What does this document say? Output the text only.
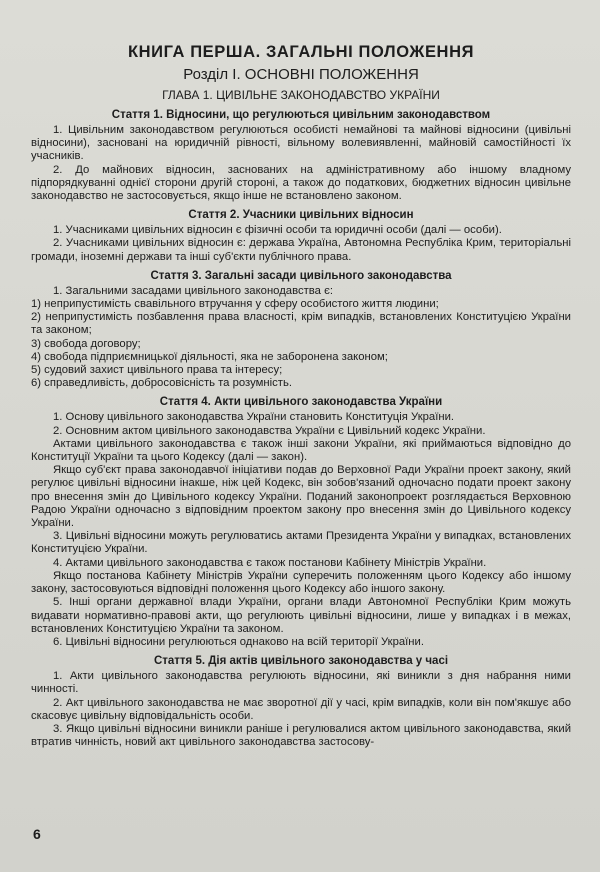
КНИГА ПЕРША. ЗАГАЛЬНІ ПОЛОЖЕННЯ
Розділ І. ОСНОВНІ ПОЛОЖЕННЯ
ГЛАВА 1. ЦИВІЛЬНЕ ЗАКОНОДАВСТВО УКРАЇНИ
Стаття 1. Відносини, що регулюються цивільним законодавством

1. Цивільним законодавством регулюються особисті немайнові та майнові відносини (цивільні відносини), засновані на юридичній рівності, вільному волевиявленні, майновій самостійності їх учасників.

2. До майнових відносин, заснованих на адміністративному або іншому владному підпорядкуванні однієї сторони другій стороні, а також до податкових, бюджетних відносин цивільне законодавство не застосовується, якщо інше не встановлено законом.

Стаття 2. Учасники цивільних відносин

1. Учасниками цивільних відносин є фізичні особи та юридичні особи (далі — особи).

2. Учасниками цивільних відносин є: держава Україна, Автономна Республіка Крим, територіальні громади, іноземні держави та інші суб'єкти публічного права.

Стаття 3. Загальні засади цивільного законодавства

1. Загальними засадами цивільного законодавства є:

1) неприпустимість свавільного втручання у сферу особистого життя людини;

2) неприпустимість позбавлення права власності, крім випадків, встановлених Конституцією України та законом;

3) свобода договору;

4) свобода підприємницької діяльності, яка не заборонена законом;

5) судовий захист цивільного права та інтересу;

6) справедливість, добросовісність та розумність.

Стаття 4. Акти цивільного законодавства України

1. Основу цивільного законодавства України становить Конституція України.

2. Основним актом цивільного законодавства України є Цивільний кодекс України.

Актами цивільного законодавства є також інші закони України, які приймаються відповідно до Конституції України та цього Кодексу (далі — закон).

Якщо суб'єкт права законодавчої ініціативи подав до Верховної Ради України проект закону, який регулює цивільні відносини інакше, ніж цей Кодекс, він зобов'язаний одночасно подати проект закону про внесення змін до Цивільного кодексу України. Поданий законопроект розглядається Верховною Радою України одночасно з відповідним проектом закону про внесення змін до Цивільного кодексу України.

3. Цивільні відносини можуть регулюватись актами Президента України у випадках, встановлених Конституцією України.

4. Актами цивільного законодавства є також постанови Кабінету Міністрів України.

Якщо постанова Кабінету Міністрів України суперечить положенням цього Кодексу або іншому закону, застосовуються відповідні положення цього Кодексу або іншого закону.

5. Інші органи державної влади України, органи влади Автономної Республіки Крим можуть видавати нормативно-правові акти, що регулюють цивільні відносини, лише у випадках і в межах, встановлених Конституцією України та законом.

6. Цивільні відносини регулюються однаково на всій території України.

Стаття 5. Дія актів цивільного законодавства у часі

1. Акти цивільного законодавства регулюють відносини, які виникли з дня набрання ними чинності.

2. Акт цивільного законодавства не має зворотної дії у часі, крім випадків, коли він пом'якшує або скасовує цивільну відповідальність особи.

3. Якщо цивільні відносини виникли раніше і регулювалися актом цивільного законодавства, який втратив чинність, новий акт цивільного законодавства застосову-

6
